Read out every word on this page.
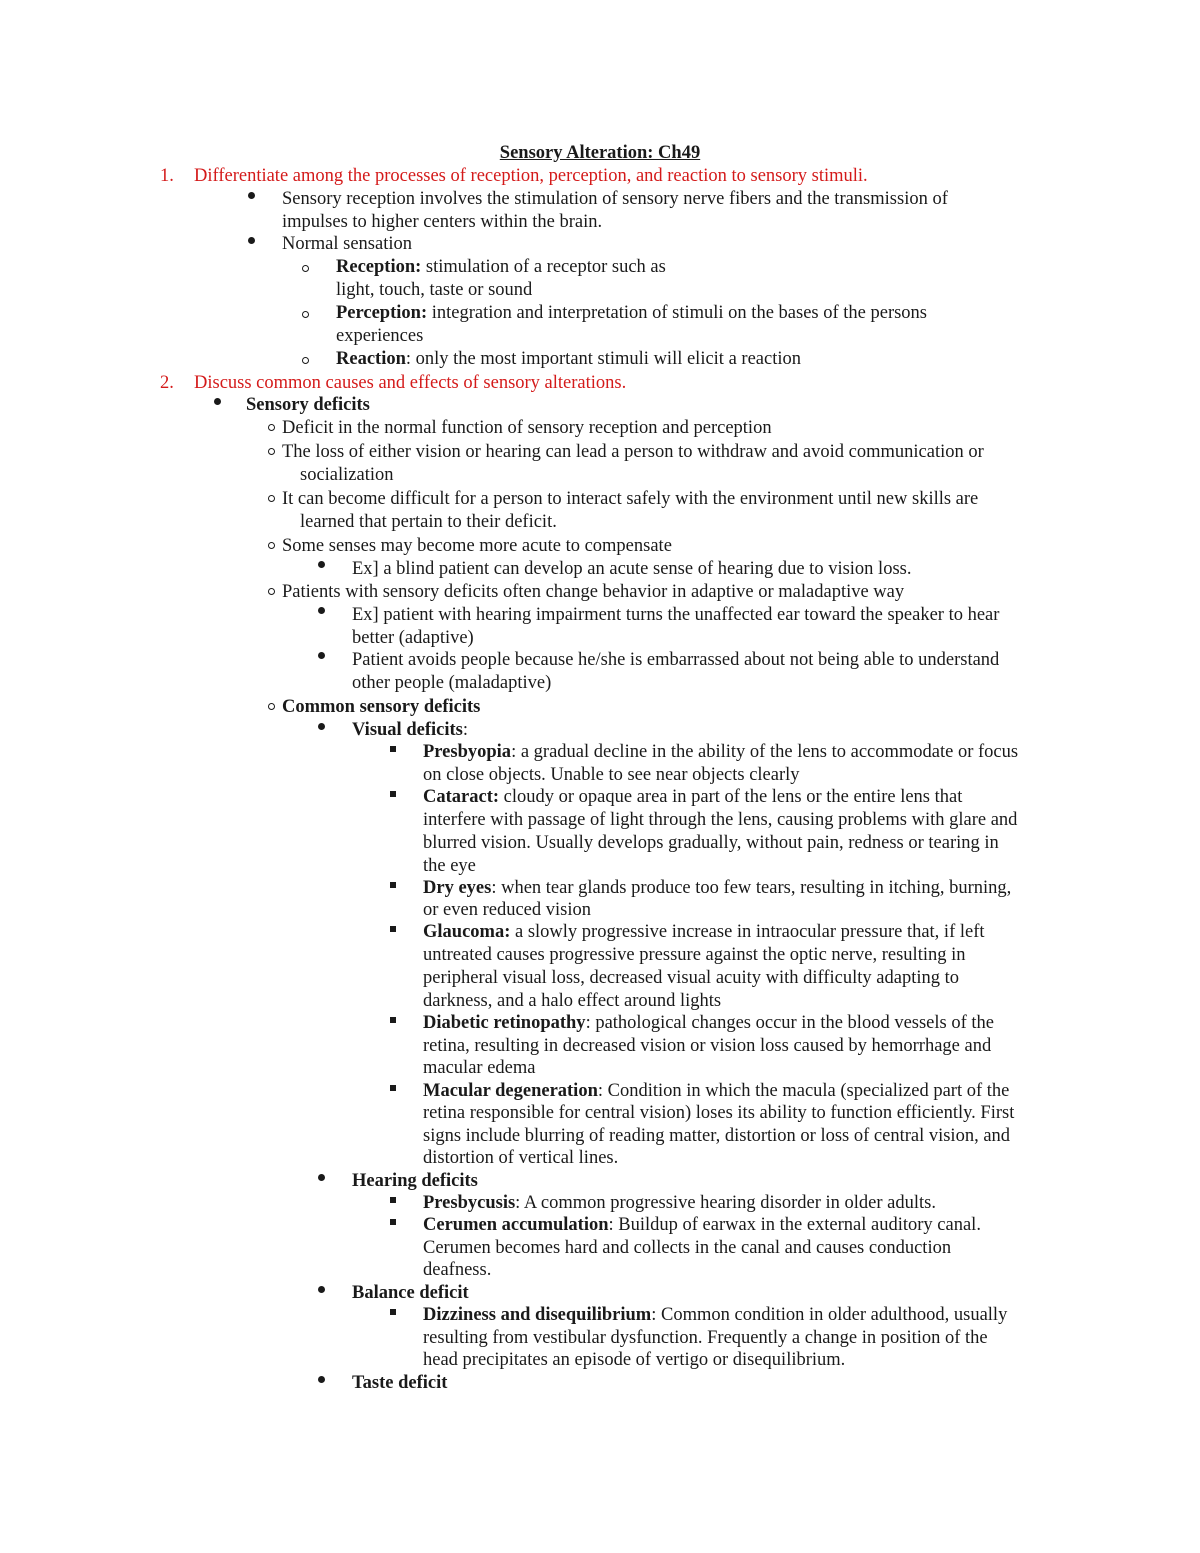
Sensory Alteration: Ch49
1. Differentiate among the processes of reception, perception, and reaction to sensory stimuli.
Sensory reception involves the stimulation of sensory nerve fibers and the transmission of
impulses to higher centers within the brain.
Normal sensation
Reception: stimulation of a receptor such as
light, touch, taste or sound
Perception: integration and interpretation of stimuli on the bases of the persons
experiences
Reaction: only the most important stimuli will elicit a reaction
2. Discuss common causes and effects of sensory alterations.
Sensory deficits
Deficit in the normal function of sensory reception and perception
The loss of either vision or hearing can lead a person to withdraw and avoid communication or
socialization
It can become difficult for a person to interact safely with the environment until new skills are
learned that pertain to their deficit.
Some senses may become more acute to compensate
Ex] a blind patient can develop an acute sense of hearing due to vision loss.
Patients with sensory deficits often change behavior in adaptive or maladaptive way
Ex] patient with hearing impairment turns the unaffected ear toward the speaker to hear
better (adaptive)
Patient avoids people because he/she is embarrassed about not being able to understand
other people (maladaptive)
Common sensory deficits
Visual deficits:
Presbyopia: a gradual decline in the ability of the lens to accommodate or focus
on close objects. Unable to see near objects clearly
Cataract: cloudy or opaque area in part of the lens or the entire lens that
interfere with passage of light through the lens, causing problems with glare and
blurred vision. Usually develops gradually, without pain, redness or tearing in
the eye
Dry eyes: when tear glands produce too few tears, resulting in itching, burning,
or even reduced vision
Glaucoma: a slowly progressive increase in intraocular pressure that, if left
untreated causes progressive pressure against the optic nerve, resulting in
peripheral visual loss, decreased visual acuity with difficulty adapting to
darkness, and a halo effect around lights
Diabetic retinopathy: pathological changes occur in the blood vessels of the
retina, resulting in decreased vision or vision loss caused by hemorrhage and
macular edema
Macular degeneration: Condition in which the macula (specialized part of the
retina responsible for central vision) loses its ability to function efficiently. First
signs include blurring of reading matter, distortion or loss of central vision, and
distortion of vertical lines.
Hearing deficits
Presbycusis: A common progressive hearing disorder in older adults.
Cerumen accumulation: Buildup of earwax in the external auditory canal.
Cerumen becomes hard and collects in the canal and causes conduction
deafness.
Balance deficit
Dizziness and disequilibrium: Common condition in older adulthood, usually
resulting from vestibular dysfunction. Frequently a change in position of the
head precipitates an episode of vertigo or disequilibrium.
Taste deficit
